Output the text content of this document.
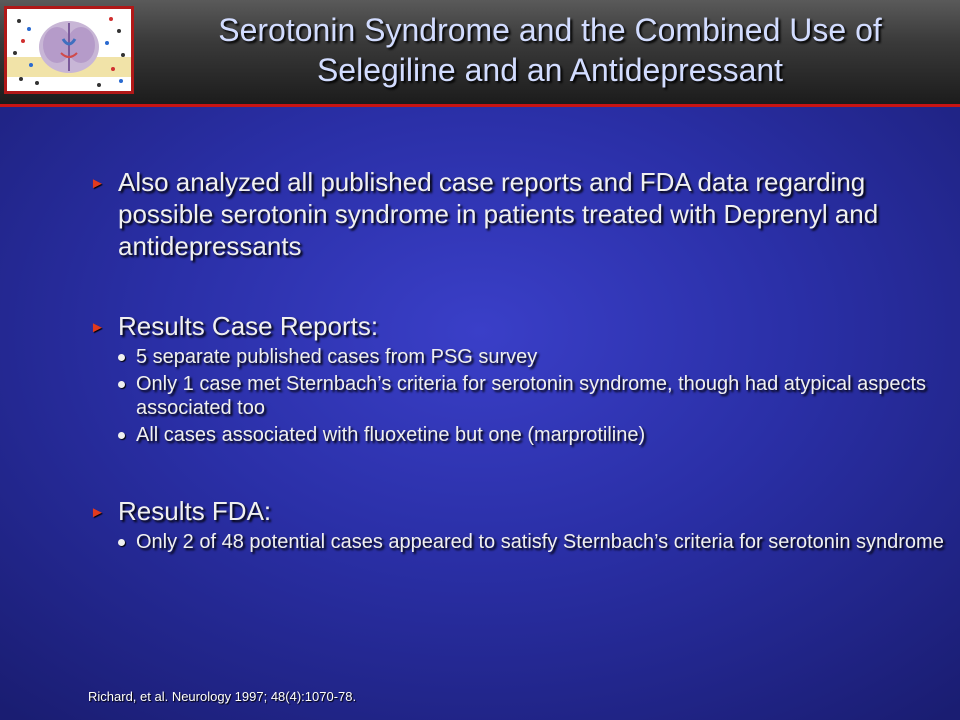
Serotonin Syndrome and the Combined Use of
Selegiline and an Antidepressant
► Also analyzed all published case reports and FDA data regarding possible serotonin syndrome in patients treated with Deprenyl and antidepressants
► Results Case Reports:
5 separate published cases from PSG survey
Only 1 case met Sternbach’s criteria for serotonin syndrome, though had atypical aspects associated too
All cases associated with fluoxetine but one (marprotiline)
► Results FDA:
Only 2 of 48 potential cases appeared to satisfy Sternbach’s criteria for serotonin syndrome
Richard, et al. Neurology 1997; 48(4):1070-78.
